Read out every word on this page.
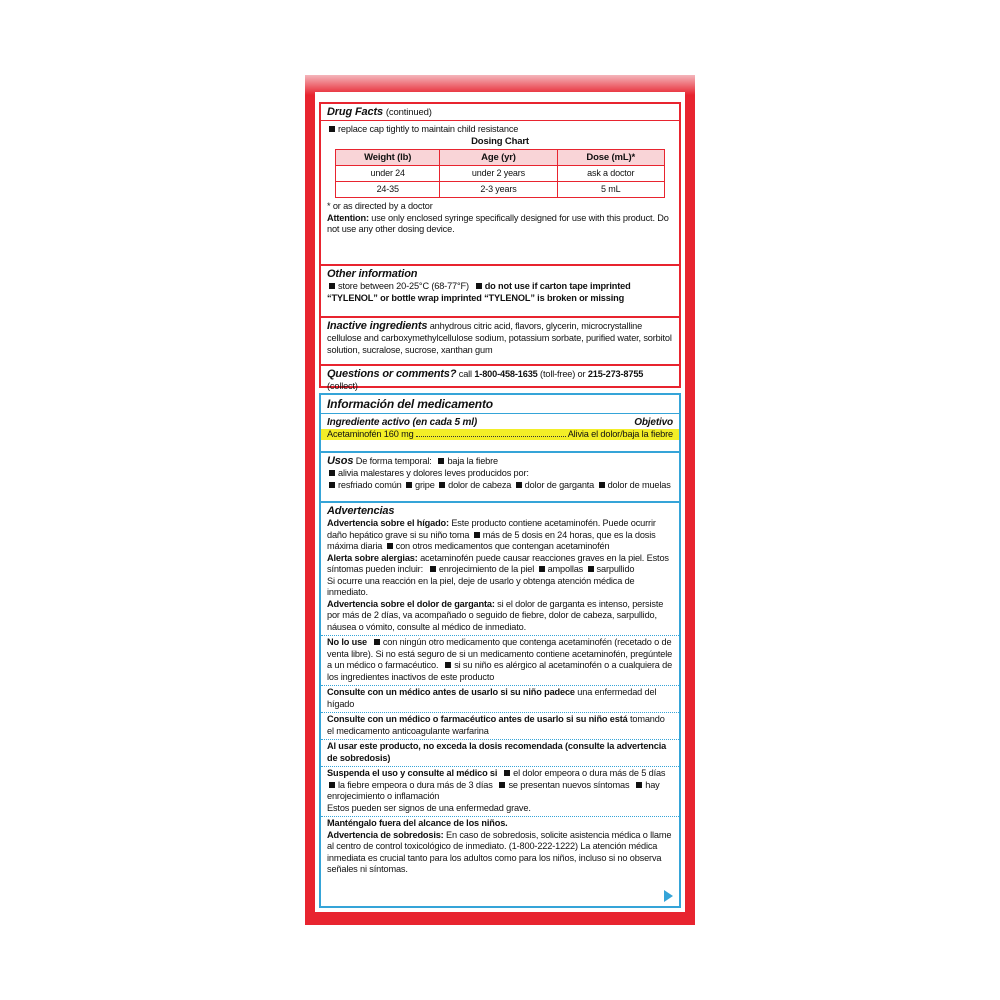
Drug Facts (continued)

replace cap tightly to maintain child resistance

Dosing Chart
Weight (lb)	Age (yr)	Dose (mL)*
under 24	under 2 years	ask a doctor
24-35	2-3 years	5 mL

* or as directed by a doctor

Attention: use only enclosed syringe specifically designed for use with this product. Do not use any other dosing device.

Other information

store between 20-25°C (68-77°F) do not use if carton tape imprinted “TYLENOL” or bottle wrap imprinted “TYLENOL” is broken or missing

Inactive ingredients anhydrous citric acid, flavors, glycerin, microcrystalline cellulose and carboxymethylcellulose sodium, potassium sorbate, purified water, sorbitol solution, sucralose, sucrose, xanthan gum

Questions or comments? call 1-800-458-1635 (toll-free) or 215-273-8755 (collect)

Información del medicamento
Ingrediente activo (en cada 5 ml)	Objetivo
Acetaminofén 160 mg	Alivia el dolor/baja la fiebre

Usos De forma temporal: baja la fiebre

alivia malestares y dolores leves producidos por:

resfriado común gripe dolor de cabeza dolor de garganta dolor de muelas

Advertencias

Advertencia sobre el hígado: Este producto contiene acetaminofén. Puede ocurrir daño hepático grave si su niño toma más de 5 dosis en 24 horas, que es la dosis máxima diaria con otros medicamentos que contengan acetaminofén

Alerta sobre alergias: acetaminofén puede causar reacciones graves en la piel. Estos síntomas pueden incluir: enrojecimiento de la piel ampollas sarpullido

Si ocurre una reacción en la piel, deje de usarlo y obtenga atención médica de inmediato.

Advertencia sobre el dolor de garganta: si el dolor de garganta es intenso, persiste por más de 2 días, va acompañado o seguido de fiebre, dolor de cabeza, sarpullido, náusea o vómito, consulte al médico de inmediato.

No lo use con ningún otro medicamento que contenga acetaminofén (recetado o de venta libre). Si no está seguro de si un medicamento contiene acetaminofén, pregúntele a un médico o farmacéutico. si su niño es alérgico al acetaminofén o a cualquiera de los ingredientes inactivos de este producto

Consulte con un médico antes de usarlo si su niño padece una enfermedad del hígado

Consulte con un médico o farmacéutico antes de usarlo si su niño está tomando el medicamento anticoagulante warfarina

Al usar este producto, no exceda la dosis recomendada (consulte la advertencia de sobredosis)

Suspenda el uso y consulte al médico si el dolor empeora o dura más de 5 días  la fiebre empeora o dura más de 3 días se presentan nuevos síntomas hay enrojecimiento o inflamación

Estos pueden ser signos de una enfermedad grave.

Manténgalo fuera del alcance de los niños.

Advertencia de sobredosis: En caso de sobredosis, solicite asistencia médica o llame al centro de control toxicológico de inmediato. (1-800-222-1222) La atención médica inmediata es crucial tanto para los adultos como para los niños, incluso si no observa señales ni síntomas.
